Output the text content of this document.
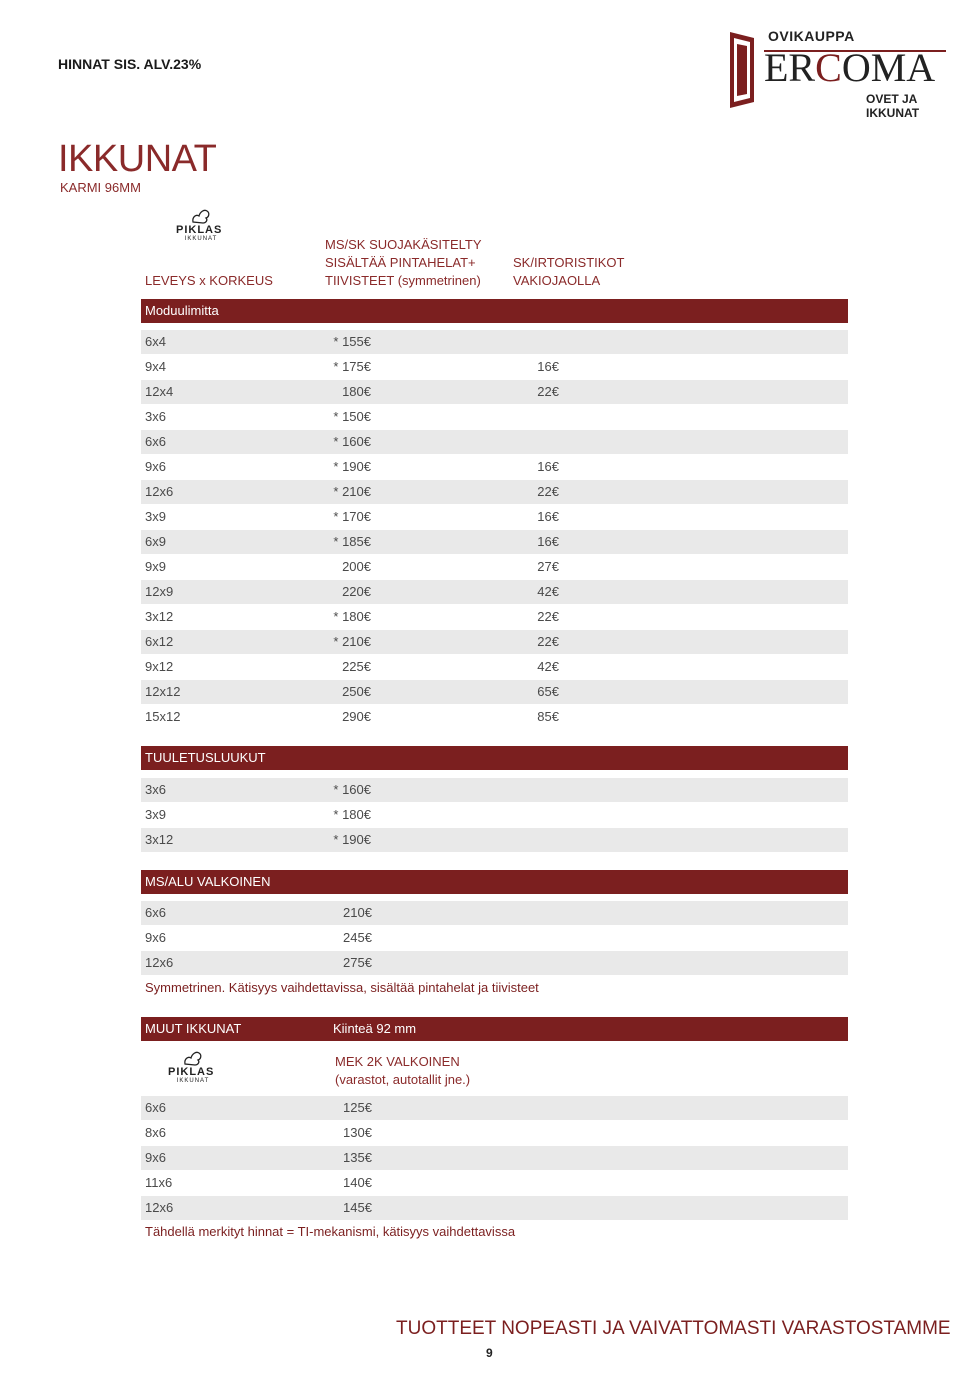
HINNAT SIS. ALV.23%
OVIKAUPPA
ERCOMA
OVET JA IKKUNAT
IKKUNAT
KARMI 96MM
PIKLAS
IKKUNAT
LEVEYS x KORKEUS
MS/SK SUOJAKÄSITELTY
SISÄLTÄÄ PINTAHELAT+
TIIVISTEET (symmetrinen)
SK/IRTORISTIKOT
VAKIOJAOLLA
Moduulimitta
6x4	* 155€
9x4	* 175€	16€
12x4	180€	22€
3x6	* 150€
6x6	* 160€
9x6	* 190€	16€
12x6	* 210€	22€
3x9	* 170€	16€
6x9	* 185€	16€
9x9	200€	27€
12x9	220€	42€
3x12	* 180€	22€
6x12	* 210€	22€
9x12	225€	42€
12x12	250€	65€
15x12	290€	85€
TUULETUSLUUKUT
3x6	* 160€
3x9	* 180€
3x12	* 190€
MS/ALU VALKOINEN
6x6	210€
9x6	245€
12x6	275€
Symmetrinen. Kätisyys vaihdettavissa, sisältää pintahelat ja tiivisteet
MUUT IKKUNAT	Kiinteä 92 mm
PIKLAS
IKKUNAT
MEK 2K VALKOINEN
(varastot, autotallit jne.)
6x6	125€
8x6	130€
9x6	135€
11x6	140€
12x6	145€
Tähdellä merkityt hinnat = TI-mekanismi, kätisyys vaihdettavissa
TUOTTEET NOPEASTI JA VAIVATTOMASTI VARASTOSTAMME
9
